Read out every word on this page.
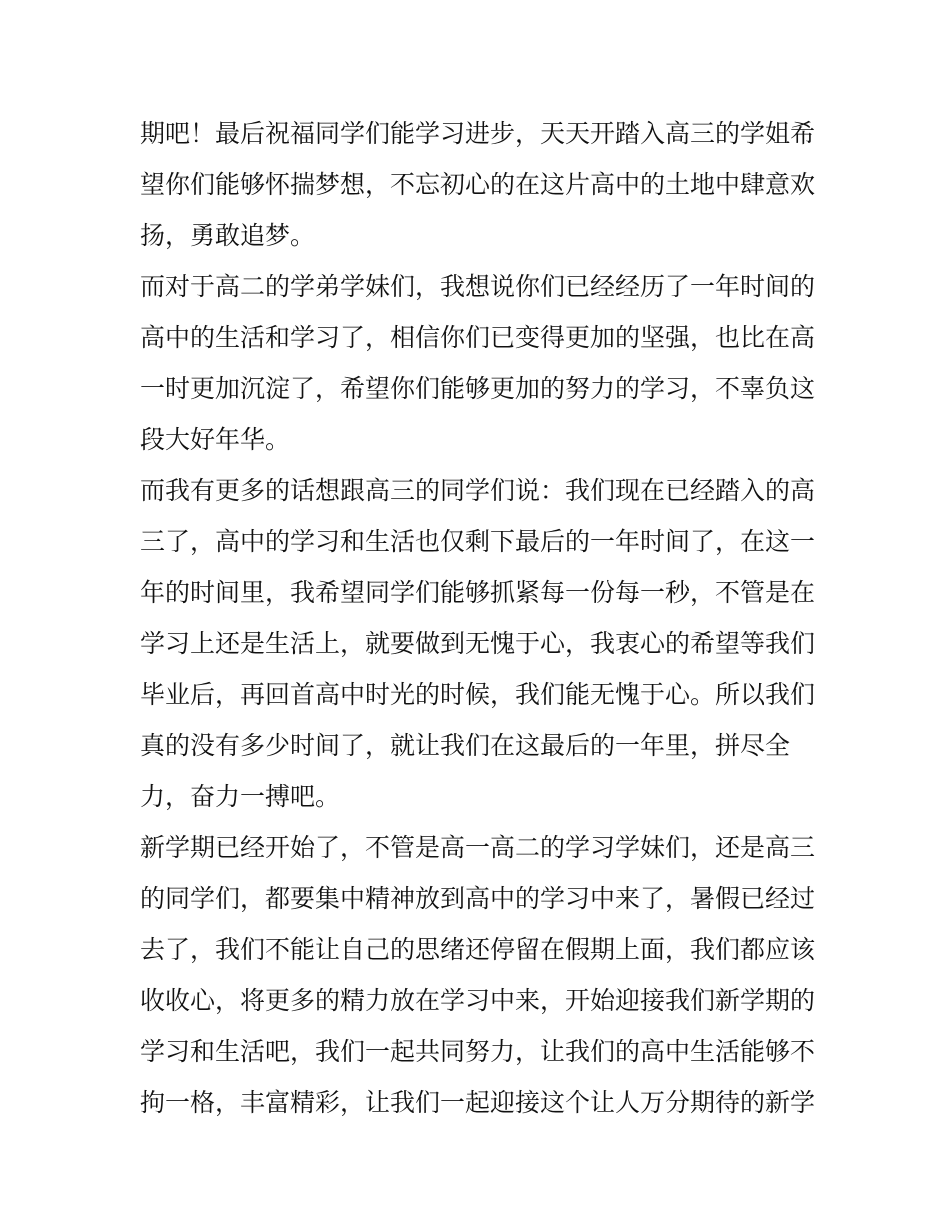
期吧！最后祝福同学们能学习进步，天天开踏入高三的学姐希
望你们能够怀揣梦想，不忘初心的在这片高中的土地中肆意欢
扬，勇敢追梦。
而对于高二的学弟学妹们，我想说你们已经经历了一年时间的
高中的生活和学习了，相信你们已变得更加的坚强，也比在高
一时更加沉淀了，希望你们能够更加的努力的学习，不辜负这
段大好年华。
而我有更多的话想跟高三的同学们说：我们现在已经踏入的高
三了，高中的学习和生活也仅剩下最后的一年时间了，在这一
年的时间里，我希望同学们能够抓紧每一份每一秒，不管是在
学习上还是生活上，就要做到无愧于心，我衷心的希望等我们
毕业后，再回首高中时光的时候，我们能无愧于心。所以我们
真的没有多少时间了，就让我们在这最后的一年里，拼尽全
力，奋力一搏吧。
新学期已经开始了，不管是高一高二的学习学妹们，还是高三
的同学们，都要集中精神放到高中的学习中来了，暑假已经过
去了，我们不能让自己的思绪还停留在假期上面，我们都应该
收收心，将更多的精力放在学习中来，开始迎接我们新学期的
学习和生活吧，我们一起共同努力，让我们的高中生活能够不
拘一格，丰富精彩，让我们一起迎接这个让人万分期待的新学
